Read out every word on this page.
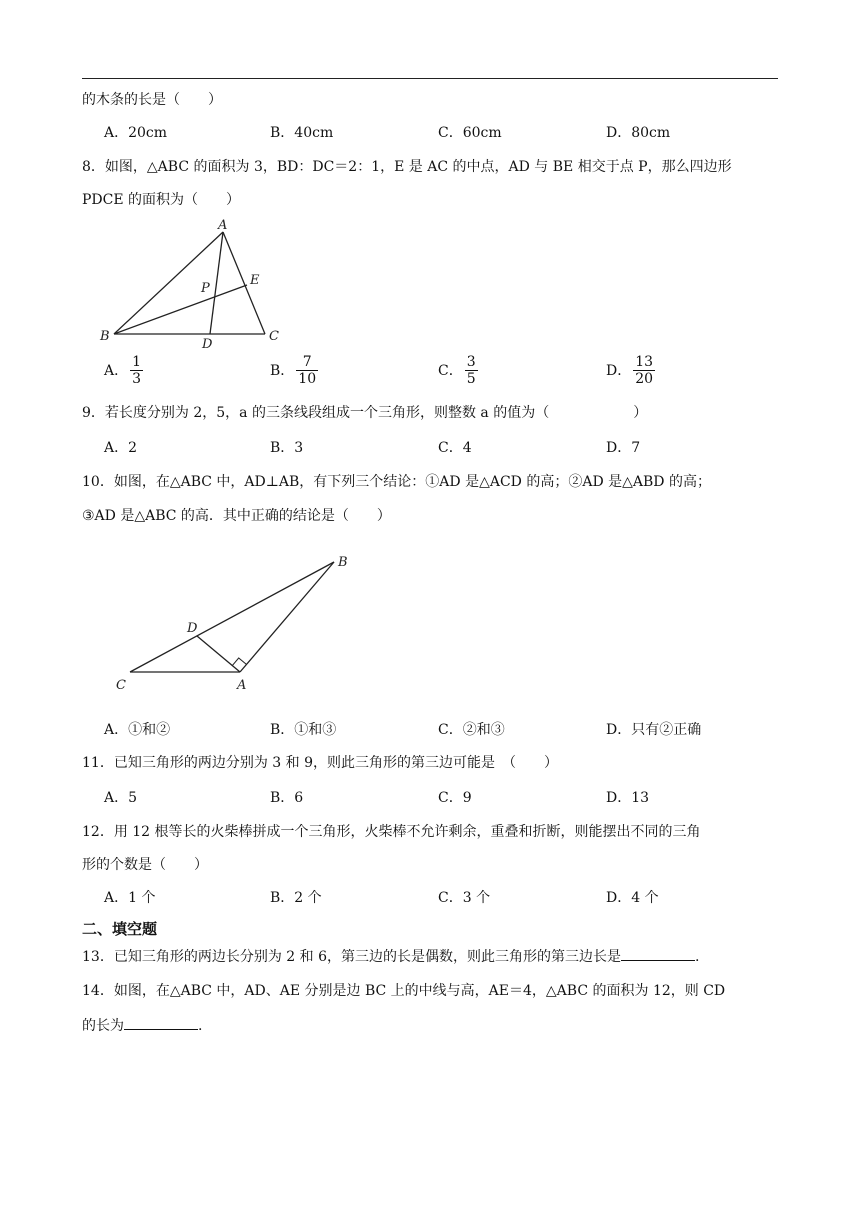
的木条的长是（　　）
A．20cm	B．40cm	C．60cm	D．80cm
8．如图，△ABC 的面积为 3，BD：DC＝2：1，E 是 AC 的中点，AD 与 BE 相交于点 P，那么四边形
PDCE 的面积为（　　）
A
P
E
B
D
C
A． $\frac{1}{3}$	B． $\frac{7}{10}$	C． $\frac{3}{5}$	D． $\frac{13}{20}$
9．若长度分别为 2，5，a 的三条线段组成一个三角形，则整数 a 的值为（　　　　　　）
A．2	B．3	C．4	D．7
10．如图，在△ABC 中，AD⊥AB，有下列三个结论：①AD 是△ACD 的高；②AD 是△ABD 的高；
③AD 是△ABC 的高．其中正确的结论是（　　）
B
D
C	A
A．①和②	B．①和③	C．②和③	D．只有②正确
11．已知三角形的两边分别为 3 和 9，则此三角形的第三边可能是　（　　）
A．5	B．6	C．9	D．13
12．用 12 根等长的火柴棒拼成一个三角形，火柴棒不允许剩余，重叠和折断，则能摆出不同的三角
形的个数是（　　）
A．1 个	B．2 个	C．3 个	D．4 个
二、填空题
13．已知三角形的两边长分别为 2 和 6，第三边的长是偶数，则此三角形的第三边长是	.
14．如图，在△ABC 中，AD、AE 分别是边 BC 上的中线与高，AE＝4，△ABC 的面积为 12，则 CD
的长为	.
